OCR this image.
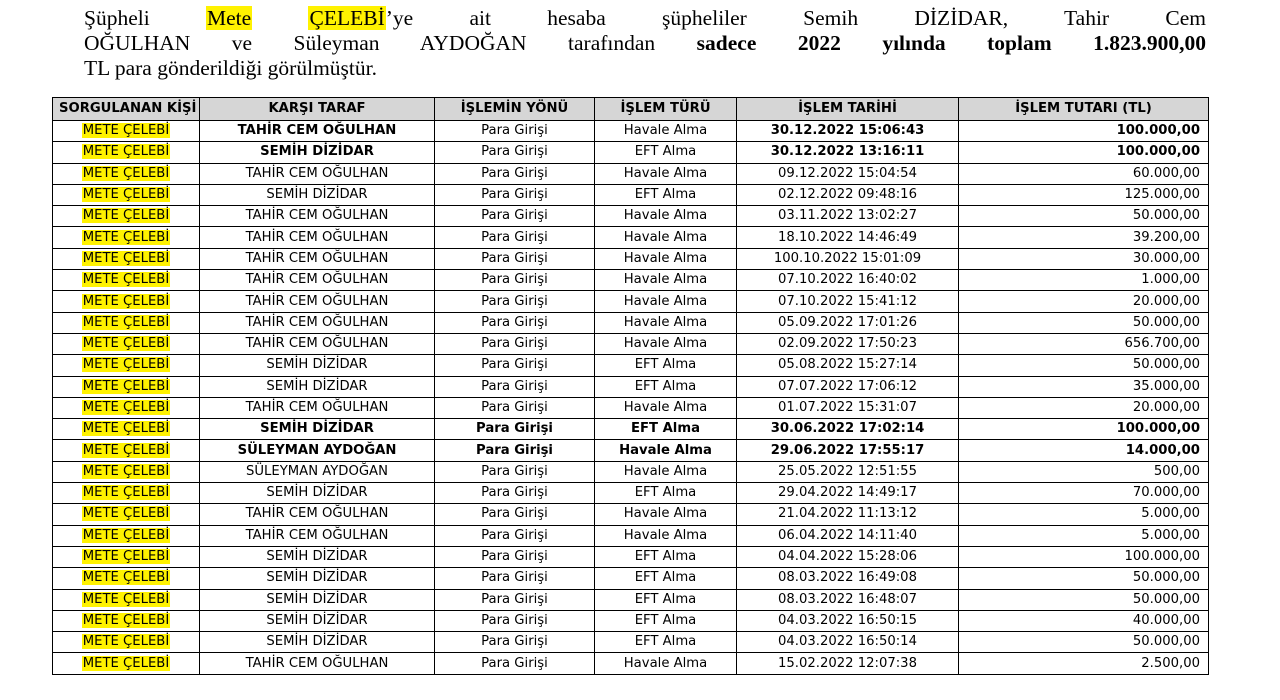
Şüpheli Mete	ÇELEBİ’ye ait hesaba şüpheliler Semih DİZİDAR, Tahir Cem
OĞULHAN ve Süleyman AYDOĞAN tarafından sadece 2022 yılında toplam 1.823.900,00
TL para gönderildiği görülmüştür.
SORGULANAN KİŞİ	KARŞI TARAF	İŞLEMİN YÖNÜ	İŞLEM TÜRÜ	İŞLEM TARİHİ	İŞLEM TUTARI (TL)
METE ÇELEBİ	TAHİR CEM OĞULHAN	Para Girişi	Havale Alma	30.12.2022 15:06:43	100.000,00
METE ÇELEBİ	SEMİH DİZİDAR	Para Girişi	EFT Alma	30.12.2022 13:16:11	100.000,00
METE ÇELEBİ	TAHİR CEM OĞULHAN	Para Girişi	Havale Alma	09.12.2022 15:04:54	60.000,00
METE ÇELEBİ	SEMİH DİZİDAR	Para Girişi	EFT Alma	02.12.2022 09:48:16	125.000,00
METE ÇELEBİ	TAHİR CEM OĞULHAN	Para Girişi	Havale Alma	03.11.2022 13:02:27	50.000,00
METE ÇELEBİ	TAHİR CEM OĞULHAN	Para Girişi	Havale Alma	18.10.2022 14:46:49	39.200,00
METE ÇELEBİ	TAHİR CEM OĞULHAN	Para Girişi	Havale Alma	100.10.2022 15:01:09	30.000,00
METE ÇELEBİ	TAHİR CEM OĞULHAN	Para Girişi	Havale Alma	07.10.2022 16:40:02	1.000,00
METE ÇELEBİ	TAHİR CEM OĞULHAN	Para Girişi	Havale Alma	07.10.2022 15:41:12	20.000,00
METE ÇELEBİ	TAHİR CEM OĞULHAN	Para Girişi	Havale Alma	05.09.2022 17:01:26	50.000,00
METE ÇELEBİ	TAHİR CEM OĞULHAN	Para Girişi	Havale Alma	02.09.2022 17:50:23	656.700,00
METE ÇELEBİ	SEMİH DİZİDAR	Para Girişi	EFT Alma	05.08.2022 15:27:14	50.000,00
METE ÇELEBİ	SEMİH DİZİDAR	Para Girişi	EFT Alma	07.07.2022 17:06:12	35.000,00
METE ÇELEBİ	TAHİR CEM OĞULHAN	Para Girişi	Havale Alma	01.07.2022 15:31:07	20.000,00
METE ÇELEBİ	SEMİH DİZİDAR	Para Girişi	EFT Alma	30.06.2022 17:02:14	100.000,00
METE ÇELEBİ	SÜLEYMAN AYDOĞAN	Para Girişi	Havale Alma	29.06.2022 17:55:17	14.000,00
METE ÇELEBİ	SÜLEYMAN AYDOĞAN	Para Girişi	Havale Alma	25.05.2022 12:51:55	500,00
METE ÇELEBİ	SEMİH DİZİDAR	Para Girişi	EFT Alma	29.04.2022 14:49:17	70.000,00
METE ÇELEBİ	TAHİR CEM OĞULHAN	Para Girişi	Havale Alma	21.04.2022 11:13:12	5.000,00
METE ÇELEBİ	TAHİR CEM OĞULHAN	Para Girişi	Havale Alma	06.04.2022 14:11:40	5.000,00
METE ÇELEBİ	SEMİH DİZİDAR	Para Girişi	EFT Alma	04.04.2022 15:28:06	100.000,00
METE ÇELEBİ	SEMİH DİZİDAR	Para Girişi	EFT Alma	08.03.2022 16:49:08	50.000,00
METE ÇELEBİ	SEMİH DİZİDAR	Para Girişi	EFT Alma	08.03.2022 16:48:07	50.000,00
METE ÇELEBİ	SEMİH DİZİDAR	Para Girişi	EFT Alma	04.03.2022 16:50:15	40.000,00
METE ÇELEBİ	SEMİH DİZİDAR	Para Girişi	EFT Alma	04.03.2022 16:50:14	50.000,00
METE ÇELEBİ	TAHİR CEM OĞULHAN	Para Girişi	Havale Alma	15.02.2022 12:07:38	2.500,00
